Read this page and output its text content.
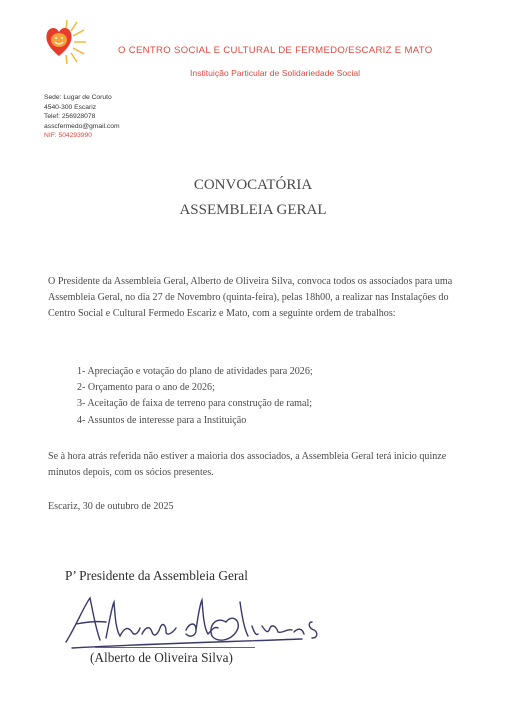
O CENTRO SOCIAL E CULTURAL DE FERMEDO/ESCARIZ E MATO
Instituição Particular de Solidariedade Social
Sede: Lugar de Coruto
4540-300 Escariz
Telef: 256928078
asscfermedo@gmail.com
NIF: 504293990
CONVOCATÓRIA
ASSEMBLEIA GERAL
O Presidente da Assembleia Geral, Alberto de Oliveira Silva, convoca todos os associados para uma Assembleia Geral, no dia 27 de Novembro (quinta-feira), pelas 18h00, a realizar nas Instalações do Centro Social e Cultural Fermedo Escariz e Mato, com a seguinte ordem de trabalhos:
1- Apreciação e votação do plano de atividades para 2026;
2- Orçamento para o ano de 2026;
3- Aceitação de faixa de terreno para construção de ramal;
4- Assuntos de interesse para a Instituição
Se à hora atrás referida não estiver a maioria dos associados, a Assembleia Geral terá inicio quinze minutos depois, com os sócios presentes.
Escariz, 30 de outubro de 2025
P’ Presidente da Assembleia Geral
(Alberto de Oliveira Silva)
